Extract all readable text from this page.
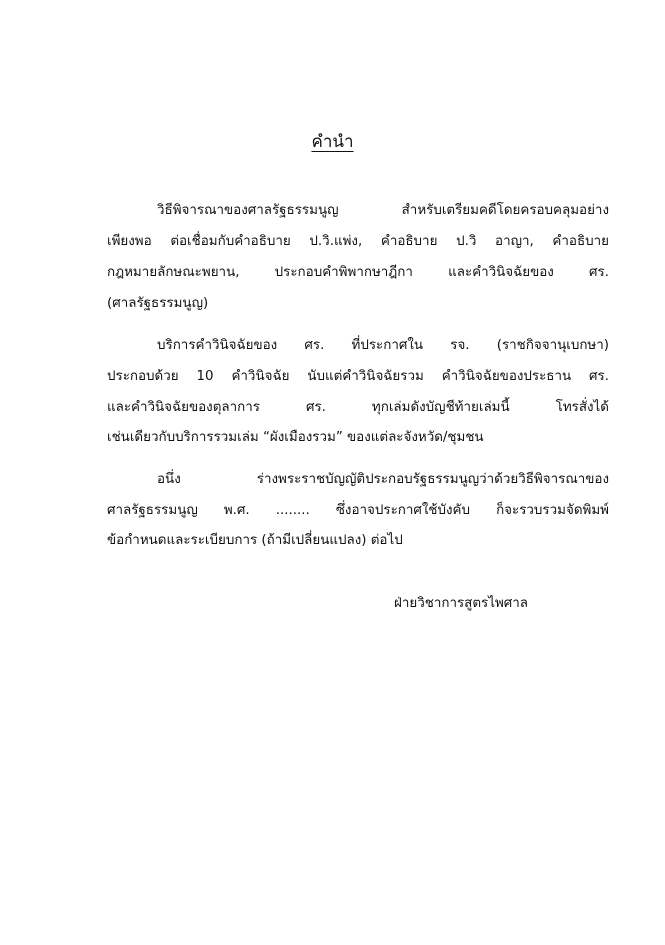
คำนำ
วิธีพิจารณาของศาลรัฐธรรมนูญ สำหรับเตรียมคดีโดยครอบคลุมอย่าง
เพียงพอ ต่อเชื่อมกับคำอธิบาย ป.วิ.แพ่ง, คำอธิบาย ป.วิ อาญา, คำอธิบาย
กฎหมายลักษณะพยาน, ประกอบคำพิพากษาฎีกา และคำวินิจฉัยของ ศร.
(ศาลรัฐธรรมนูญ)
บริการคำวินิจฉัยของ ศร. ที่ประกาศใน รจ. (ราชกิจจานุเบกษา)
ประกอบด้วย 10 คำวินิจฉัย นับแต่คำวินิจฉัยรวม คำวินิจฉัยของประธาน ศร.
และคำวินิจฉัยของตุลาการ ศร. ทุกเล่มดังบัญชีท้ายเล่มนี้ โทรสั่งได้
เช่นเดียวกับบริการรวมเล่ม “ผังเมืองรวม” ของแต่ละจังหวัด/ชุมชน
อนึ่ง ร่างพระราชบัญญัติประกอบรัฐธรรมนูญว่าด้วยวิธีพิจารณาของ
ศาลรัฐธรรมนูญ พ.ศ. ........ ซึ่งอาจประกาศใช้บังคับ ก็จะรวบรวมจัดพิมพ์
ข้อกำหนดและระเบียบการ (ถ้ามีเปลี่ยนแปลง) ต่อไป
ฝ่ายวิชาการสูตรไพศาล
